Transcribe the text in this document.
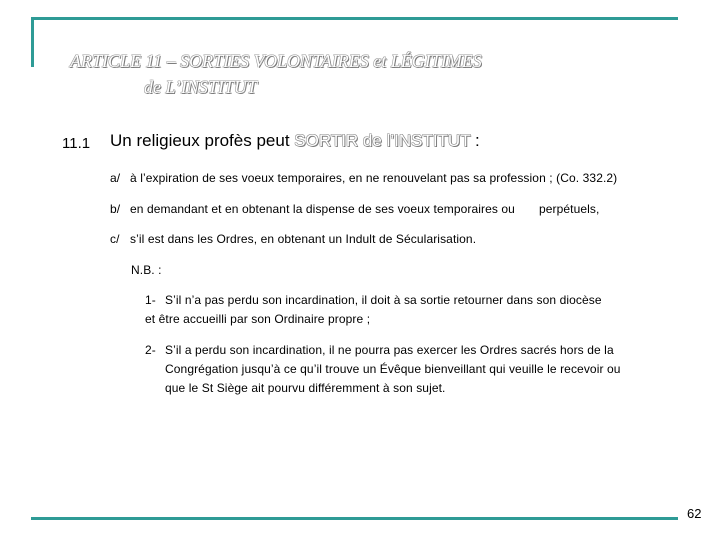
ARTICLE 11 – SORTIES VOLONTAIRES et LÉGITIMES
de L’INSTITUT
11.1 Un religieux profès peut SORTIR de l’INSTITUT :
a/ à l’expiration de ses voeux temporaires, en ne renouvelant pas sa profession ; (Co. 332.2)
b/ en demandant et en obtenant la dispense de ses voeux temporaires ou perpétuels,
c/ s’il est dans les Ordres, en obtenant un Indult de Sécularisation.
N.B. :
1- S’il n’a pas perdu son incardination, il doit à sa sortie retourner dans son diocèse
et être accueilli par son Ordinaire propre ;
2- S’il a perdu son incardination, il ne pourra pas exercer les Ordres sacrés hors de la
Congrégation jusqu’à ce qu’il trouve un Évêque bienveillant qui veuille le recevoir ou
que le St Siège ait pourvu différemment à son sujet.
62
